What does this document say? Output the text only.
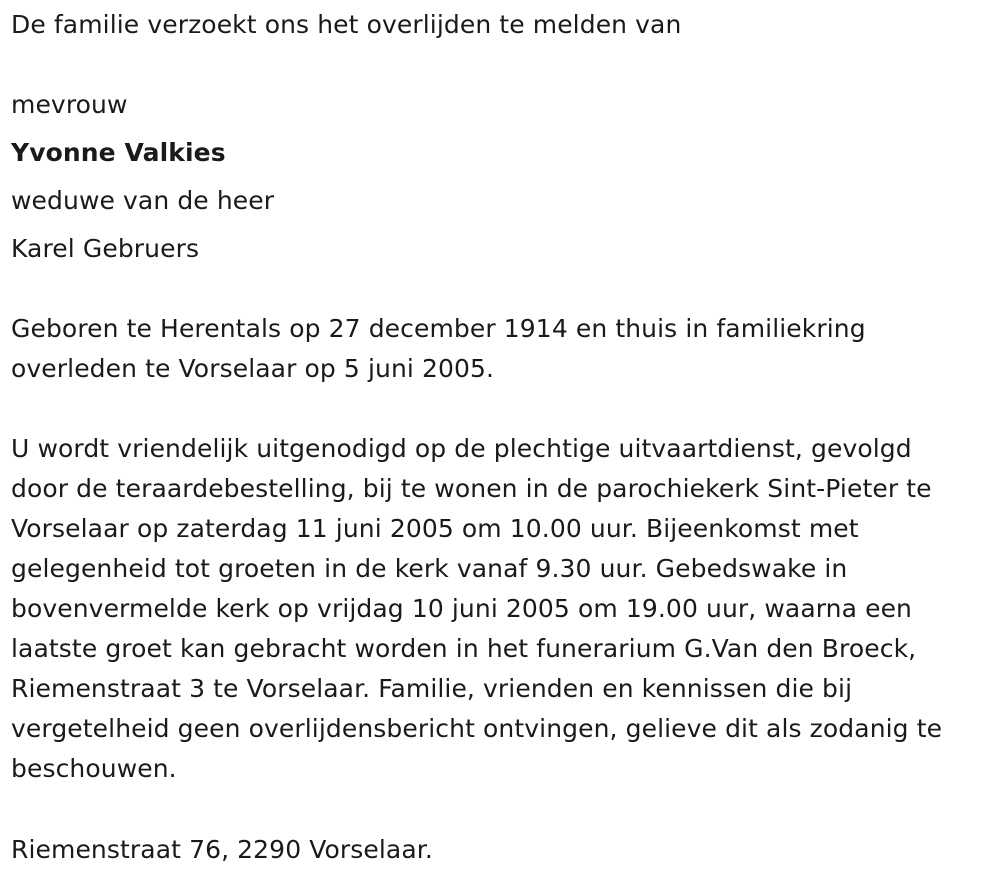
De familie verzoekt ons het overlijden te melden van
mevrouw
Yvonne Valkies
weduwe van de heer
Karel Gebruers
Geboren te Herentals op 27 december 1914 en thuis in familiekring
overleden te Vorselaar op 5 juni 2005.
U wordt vriendelijk uitgenodigd op de plechtige uitvaartdienst, gevolgd
door de teraardebestelling, bij te wonen in de parochiekerk Sint-Pieter te
Vorselaar op zaterdag 11 juni 2005 om 10.00 uur. Bijeenkomst met
gelegenheid tot groeten in de kerk vanaf 9.30 uur. Gebedswake in
bovenvermelde kerk op vrijdag 10 juni 2005 om 19.00 uur, waarna een
laatste groet kan gebracht worden in het funerarium G.Van den Broeck,
Riemenstraat 3 te Vorselaar. Familie, vrienden en kennissen die bij
vergetelheid geen overlijdensbericht ontvingen, gelieve dit als zodanig te
beschouwen.
Riemenstraat 76, 2290 Vorselaar.
